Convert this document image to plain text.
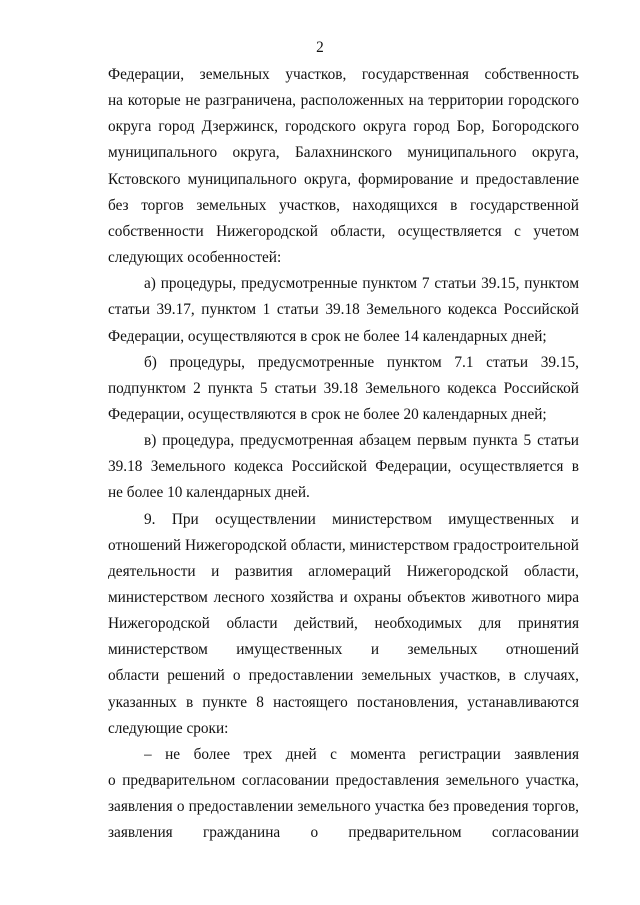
2
Федерации, земельных участков, государственная собственность
на которые не разграничена, расположенных на территории городского
округа город Дзержинск, городского округа город Бор, Богородского
муниципального округа, Балахнинского муниципального округа,
Кстовского муниципального округа, формирование и предоставление
без торгов земельных участков, находящихся в государственной
собственности Нижегородской области, осуществляется с учетом
следующих особенностей:
а) процедуры, предусмотренные пунктом 7 статьи 39.15, пунктом
статьи 39.17, пунктом 1 статьи 39.18 Земельного кодекса Российской
Федерации, осуществляются в срок не более 14 календарных дней;
б) процедуры, предусмотренные пунктом 7.1 статьи 39.15,
подпунктом 2 пункта 5 статьи 39.18 Земельного кодекса Российской
Федерации, осуществляются в срок не более 20 календарных дней;
в) процедура, предусмотренная абзацем первым пункта 5 статьи
39.18 Земельного кодекса Российской Федерации, осуществляется в
не более 10 календарных дней.
9. При осуществлении министерством имущественных и
отношений Нижегородской области, министерством градостроительной
деятельности и развития агломераций Нижегородской области,
министерством лесного хозяйства и охраны объектов животного мира
Нижегородской области действий, необходимых для принятия
министерством имущественных и земельных отношений
области решений о предоставлении земельных участков, в случаях,
указанных в пункте 8 настоящего постановления, устанавливаются
следующие сроки:
– не более трех дней с момента регистрации заявления
о предварительном согласовании предоставления земельного участка,
заявления о предоставлении земельного участка без проведения торгов,
заявления гражданина о предварительном согласовании
